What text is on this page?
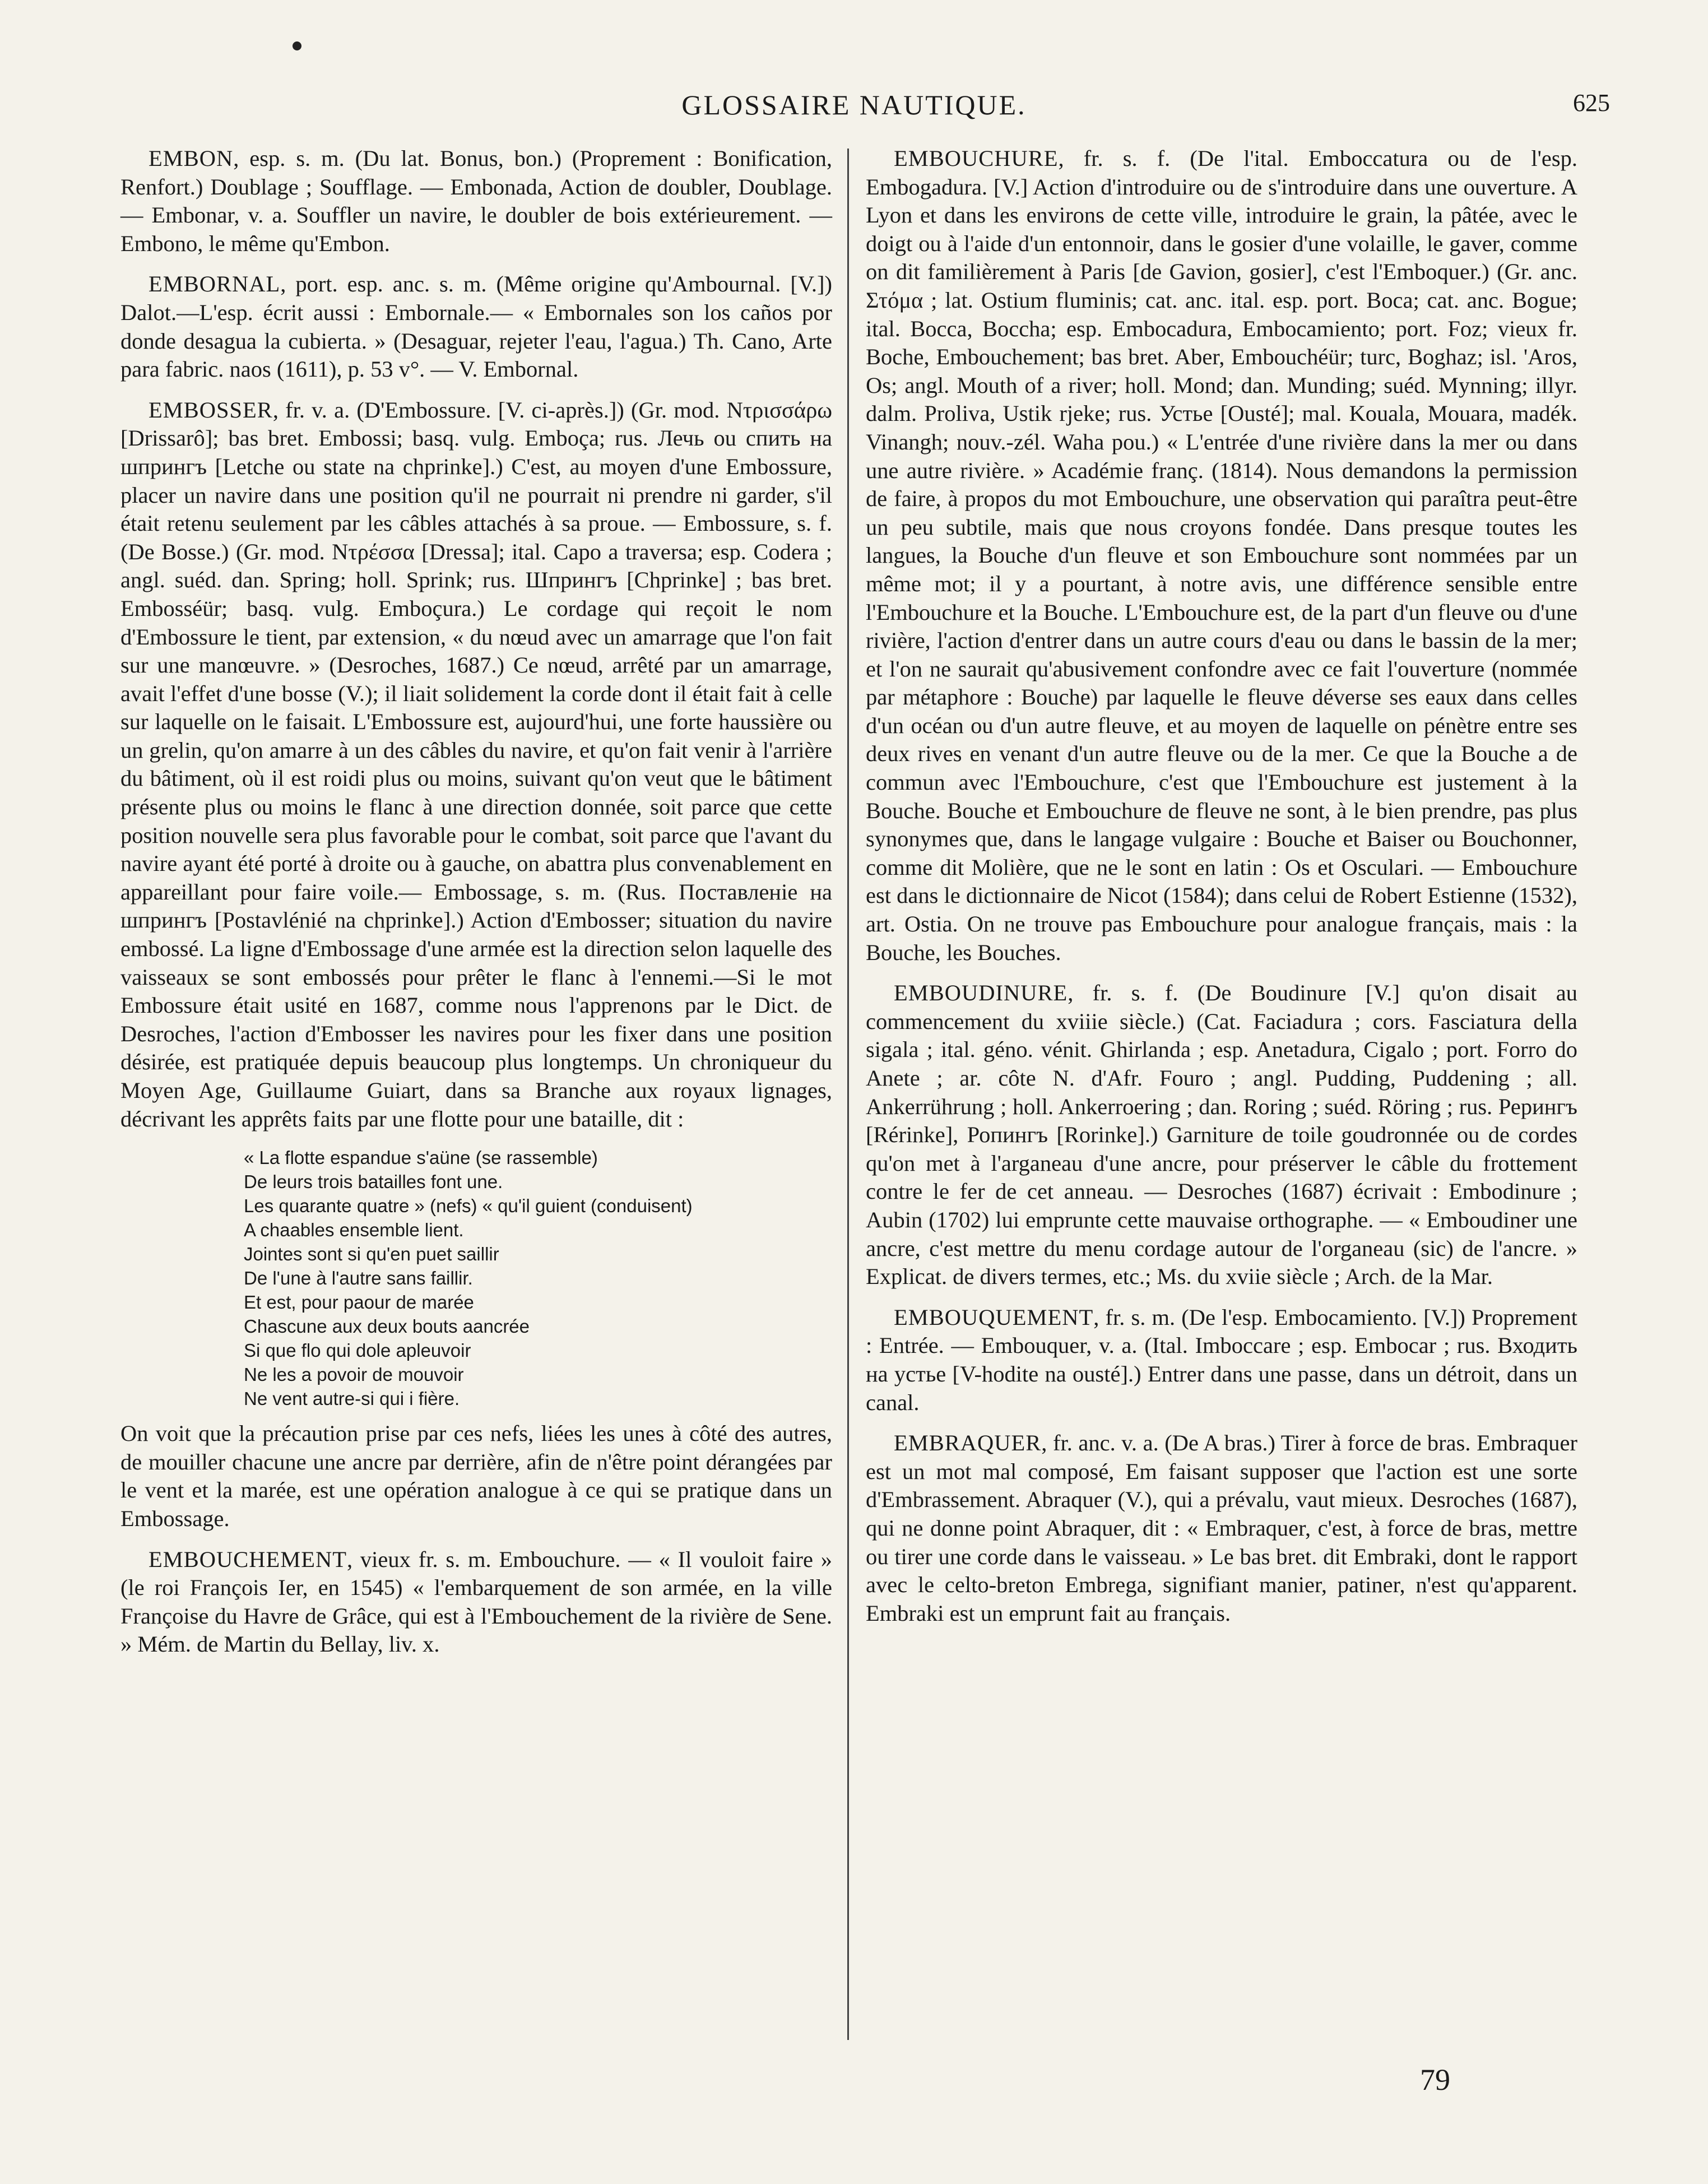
GLOSSAIRE NAUTIQUE.	625

EMBON, esp. s. m. (Du lat. Bonus, bon.) (Proprement : Bonification, Renfort.) Doublage ; Soufflage. — Embonada, Action de doubler, Doublage.— Embonar, v. a. Souffler un navire, le doubler de bois extérieurement. — Embono, le même qu'Embon.

EMBORNAL, port. esp. anc. s. m. (Même origine qu'Ambournal. [V.]) Dalot.—L'esp. écrit aussi : Embornale.— « Embornales son los caños por donde desagua la cubierta. » (Desaguar, rejeter l'eau, l'agua.) Th. Cano, Arte para fabric. naos (1611), p. 53 v°. — V. Embornal.

EMBOSSER, fr. v. a. (D'Embossure. [V. ci-après.]) (Gr. mod. Ντρισσάρω [Drissarô]; bas bret. Embossi; basq. vulg. Emboça; rus. Лечь ou спить на шпрингъ [Letche ou state na chprinke].) C'est, au moyen d'une Embossure, placer un navire dans une position qu'il ne pourrait ni prendre ni garder, s'il était retenu seulement par les câbles attachés à sa proue. — Embossure, s. f. (De Bosse.) (Gr. mod. Ντρέσσα [Dressa]; ital. Capo a traversa; esp. Codera ; angl. suéd. dan. Spring; holl. Sprink; rus. Шпрингъ [Chprinke] ; bas bret. Embosséür; basq. vulg. Emboçura.) Le cordage qui reçoit le nom d'Embossure le tient, par extension, « du nœud avec un amarrage que l'on fait sur une manœuvre. » (Desroches, 1687.) Ce nœud, arrêté par un amarrage, avait l'effet d'une bosse (V.); il liait solidement la corde dont il était fait à celle sur laquelle on le faisait. L'Embossure est, aujourd'hui, une forte haussière ou un grelin, qu'on amarre à un des câbles du navire, et qu'on fait venir à l'arrière du bâtiment, où il est roidi plus ou moins, suivant qu'on veut que le bâtiment présente plus ou moins le flanc à une direction donnée, soit parce que cette position nouvelle sera plus favorable pour le combat, soit parce que l'avant du navire ayant été porté à droite ou à gauche, on abattra plus convenablement en appareillant pour faire voile.— Embossage, s. m. (Rus. Поставленіе на шпрингъ [Postavlénié na chprinke].) Action d'Embosser; situation du navire embossé. La ligne d'Embossage d'une armée est la direction selon laquelle des vaisseaux se sont embossés pour prêter le flanc à l'ennemi.—Si le mot Embossure était usité en 1687, comme nous l'apprenons par le Dict. de Desroches, l'action d'Embosser les navires pour les fixer dans une position désirée, est pratiquée depuis beaucoup plus longtemps. Un chroniqueur du Moyen Age, Guillaume Guiart, dans sa Branche aux royaux lignages, décrivant les apprêts faits par une flotte pour une bataille, dit :

« La flotte espandue s'aüne (se rassemble)
De leurs trois batailles font une.
Les quarante quatre » (nefs) « qu'il guient (conduisent)
A chaables ensemble lient.
Jointes sont si qu'en puet saillir
De l'une à l'autre sans faillir.
Et est, pour paour de marée
Chascune aux deux bouts aancrée
Si que flo qui dole apleuvoir
Ne les a povoir de mouvoir
Ne vent autre-si qui i fière.

On voit que la précaution prise par ces nefs, liées les unes à côté des autres, de mouiller chacune une ancre par derrière, afin de n'être point dérangées par le vent et la marée, est une opération analogue à ce qui se pratique dans un Embossage.

EMBOUCHEMENT, vieux fr. s. m. Embouchure. — « Il vouloit faire » (le roi François Ier, en 1545) « l'embarquement de son armée, en la ville Françoise du Havre de Grâce, qui est à l'Embouchement de la rivière de Sene. » Mém. de Martin du Bellay, liv. x.

EMBOUCHURE, fr. s. f. (De l'ital. Emboccatura ou de l'esp. Embogadura. [V.] Action d'introduire ou de s'introduire dans une ouverture. A Lyon et dans les environs de cette ville, introduire le grain, la pâtée, avec le doigt ou à l'aide d'un entonnoir, dans le gosier d'une volaille, le gaver, comme on dit familièrement à Paris [de Gavion, gosier], c'est l'Emboquer.) (Gr. anc. Στόμα ; lat. Ostium fluminis; cat. anc. ital. esp. port. Boca; cat. anc. Bogue; ital. Bocca, Boccha; esp. Embocadura, Embocamiento; port. Foz; vieux fr. Boche, Embouchement; bas bret. Aber, Embouchéür; turc, Boghaz; isl. 'Aros, Os; angl. Mouth of a river; holl. Mond; dan. Munding; suéd. Mynning; illyr. dalm. Proliva, Ustik rjeke; rus. Устье [Ousté]; mal. Kouala, Mouara, madék. Vinangh; nouv.-zél. Waha pou.) « L'entrée d'une rivière dans la mer ou dans une autre rivière. » Académie franç. (1814). Nous demandons la permission de faire, à propos du mot Embouchure, une observation qui paraîtra peut-être un peu subtile, mais que nous croyons fondée. Dans presque toutes les langues, la Bouche d'un fleuve et son Embouchure sont nommées par un même mot; il y a pourtant, à notre avis, une différence sensible entre l'Embouchure et la Bouche. L'Embouchure est, de la part d'un fleuve ou d'une rivière, l'action d'entrer dans un autre cours d'eau ou dans le bassin de la mer; et l'on ne saurait qu'abusivement confondre avec ce fait l'ouverture (nommée par métaphore : Bouche) par laquelle le fleuve déverse ses eaux dans celles d'un océan ou d'un autre fleuve, et au moyen de laquelle on pénètre entre ses deux rives en venant d'un autre fleuve ou de la mer. Ce que la Bouche a de commun avec l'Embouchure, c'est que l'Embouchure est justement à la Bouche. Bouche et Embouchure de fleuve ne sont, à le bien prendre, pas plus synonymes que, dans le langage vulgaire : Bouche et Baiser ou Bouchonner, comme dit Molière, que ne le sont en latin : Os et Osculari. — Embouchure est dans le dictionnaire de Nicot (1584); dans celui de Robert Estienne (1532), art. Ostia. On ne trouve pas Embouchure pour analogue français, mais : la Bouche, les Bouches.

EMBOUDINURE, fr. s. f. (De Boudinure [V.] qu'on disait au commencement du xviiie siècle.) (Cat. Faciadura ; cors. Fasciatura della sigala ; ital. géno. vénit. Ghirlanda ; esp. Anetadura, Cigalo ; port. Forro do Anete ; ar. côte N. d'Afr. Fouro ; angl. Pudding, Puddening ; all. Ankerrührung ; holl. Ankerroering ; dan. Roring ; suéd. Röring ; rus. Рерингъ [Rérinke], Ропингъ [Rorinke].) Garniture de toile goudronnée ou de cordes qu'on met à l'arganeau d'une ancre, pour préserver le câble du frottement contre le fer de cet anneau. — Desroches (1687) écrivait : Embodinure ; Aubin (1702) lui emprunte cette mauvaise orthographe. — « Emboudiner une ancre, c'est mettre du menu cordage autour de l'organeau (sic) de l'ancre. » Explicat. de divers termes, etc.; Ms. du xviie siècle ; Arch. de la Mar.

EMBOUQUEMENT, fr. s. m. (De l'esp. Embocamiento. [V.]) Proprement : Entrée. — Embouquer, v. a. (Ital. Imboccare ; esp. Embocar ; rus. Входить на устье [V-hodite na ousté].) Entrer dans une passe, dans un détroit, dans un canal.

EMBRAQUER, fr. anc. v. a. (De A bras.) Tirer à force de bras. Embraquer est un mot mal composé, Em faisant supposer que l'action est une sorte d'Embrassement. Abraquer (V.), qui a prévalu, vaut mieux. Desroches (1687), qui ne donne point Abraquer, dit : « Embraquer, c'est, à force de bras, mettre ou tirer une corde dans le vaisseau. » Le bas bret. dit Embraki, dont le rapport avec le celto-breton Embrega, signifiant manier, patiner, n'est qu'apparent. Embraki est un emprunt fait au français.

79
